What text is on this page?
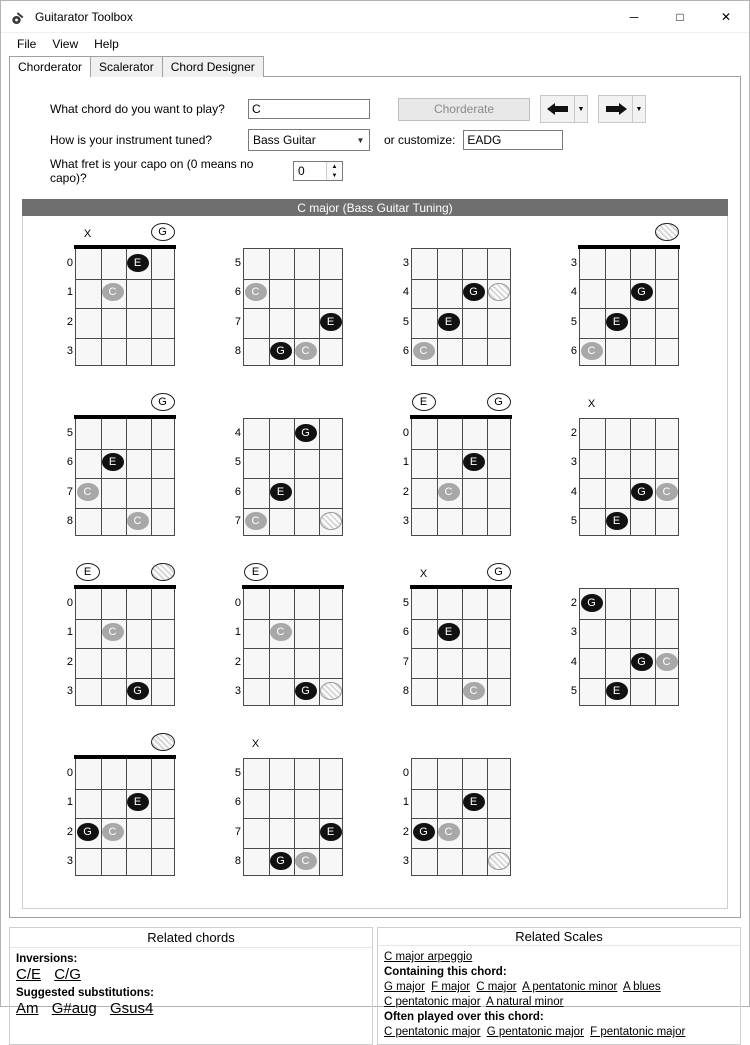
Guitarator Toolbox	─	□	✕
File	View	Help
Chorderator	Scalerator	Chord Designer
What chord do you want to play?
C	Chorderate	▼	▼
How is your instrument tuned?	Bass Guitar	▼	or customize:
EADG
What fret is your capo on (0 means no capo)?	0	▲
▼
C major (Bass Guitar Tuning)
0
1
2
3
X	G
E
C
5
6
7
8
C
E
G	C
3
4
5
6
G
E
C
3
4
5
6
G
E
C
5
6
7
8
G
E
C
C
4
5
6
7
G
E
C
0
1
2
3
E	G
E
C
2
3
4
5
X
G	C
E
0
1
2
3
E
C
G
0
1
2
3
E
C
G
5
6
7
8
X	G
E
C
2
3
4
5
G
G	C
E
0
1
2
3
E
G	C
5
6
7
8
X
E
G	C
0
1
2
3
E
G	C
Related chords
Inversions:
C/E C/G
Suggested substitutions:
Am G#aug Gsus4
Related Scales
C major arpeggio
Containing this chord:
G major F major C major A pentatonic minor A blues C pentatonic major A natural minor
Often played over this chord:
C pentatonic major G pentatonic major F pentatonic major
